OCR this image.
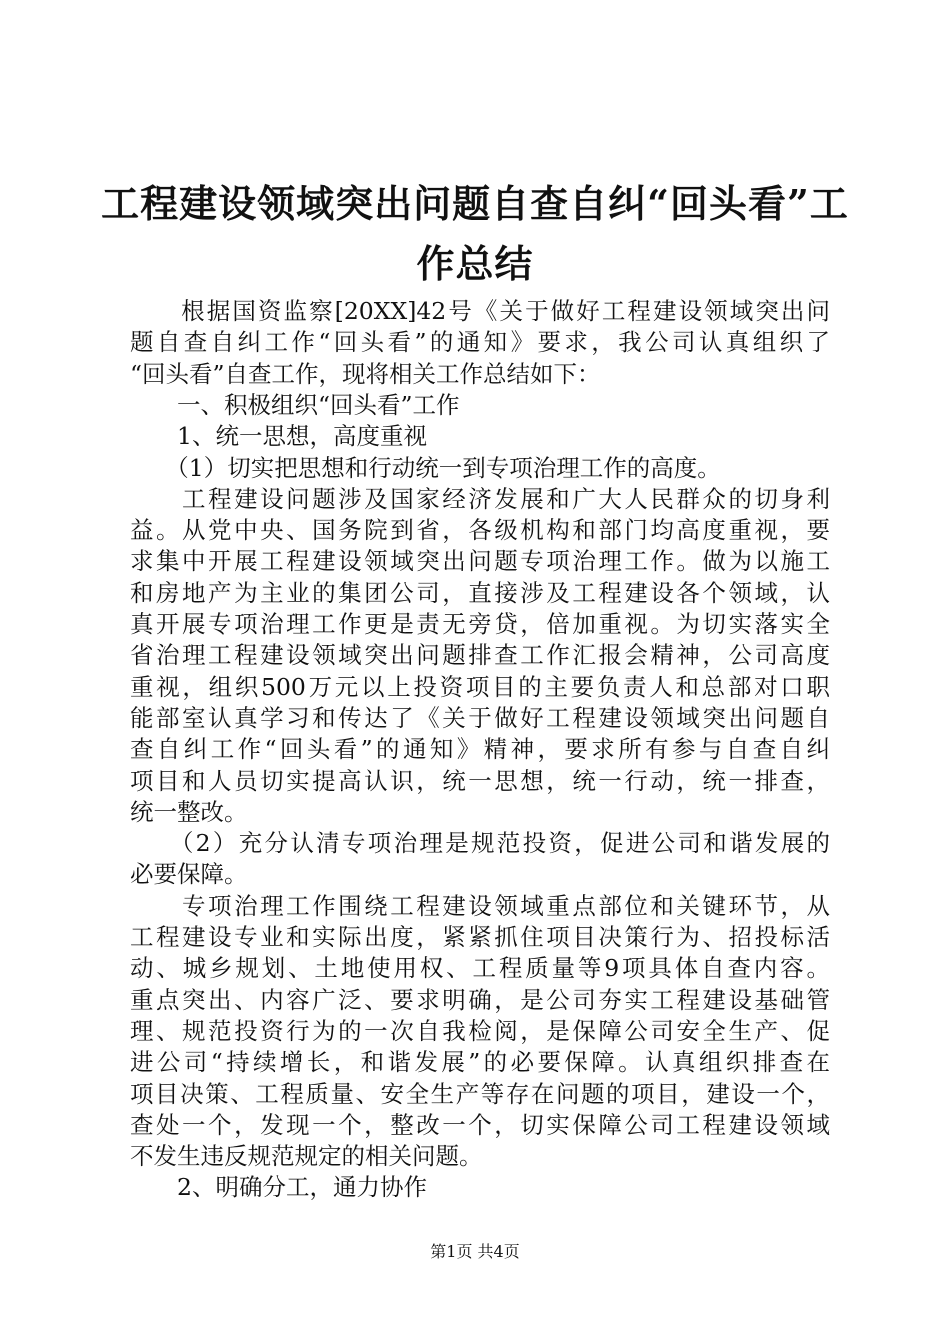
工程建设领域突出问题自查自纠“回头看”工
作总结
　　根据国资监察[20XX]42号《关于做好工程建设领域突出问
题自查自纠工作“回头看”的通知》要求，我公司认真组织了
“回头看”自查工作，现将相关工作总结如下：
　　一、积极组织“回头看”工作
　　1、统一思想，高度重视
　　（1）切实把思想和行动统一到专项治理工作的高度。
　　工程建设问题涉及国家经济发展和广大人民群众的切身利
益。从党中央、国务院到省，各级机构和部门均高度重视，要
求集中开展工程建设领域突出问题专项治理工作。做为以施工
和房地产为主业的集团公司，直接涉及工程建设各个领域，认
真开展专项治理工作更是责无旁贷，倍加重视。为切实落实全
省治理工程建设领域突出问题排查工作汇报会精神，公司高度
重视，组织500万元以上投资项目的主要负责人和总部对口职
能部室认真学习和传达了《关于做好工程建设领域突出问题自
查自纠工作“回头看”的通知》精神，要求所有参与自查自纠
项目和人员切实提高认识，统一思想，统一行动，统一排查，
统一整改。
　　（2）充分认清专项治理是规范投资，促进公司和谐发展的
必要保障。
　　专项治理工作围绕工程建设领域重点部位和关键环节，从
工程建设专业和实际出度，紧紧抓住项目决策行为、招投标活
动、城乡规划、土地使用权、工程质量等9项具体自查内容。
重点突出、内容广泛、要求明确，是公司夯实工程建设基础管
理、规范投资行为的一次自我检阅，是保障公司安全生产、促
进公司“持续增长，和谐发展”的必要保障。认真组织排查在
项目决策、工程质量、安全生产等存在问题的项目，建设一个，
查处一个，发现一个，整改一个，切实保障公司工程建设领域
不发生违反规范规定的相关问题。
　　2、明确分工，通力协作
第1页 共4页
